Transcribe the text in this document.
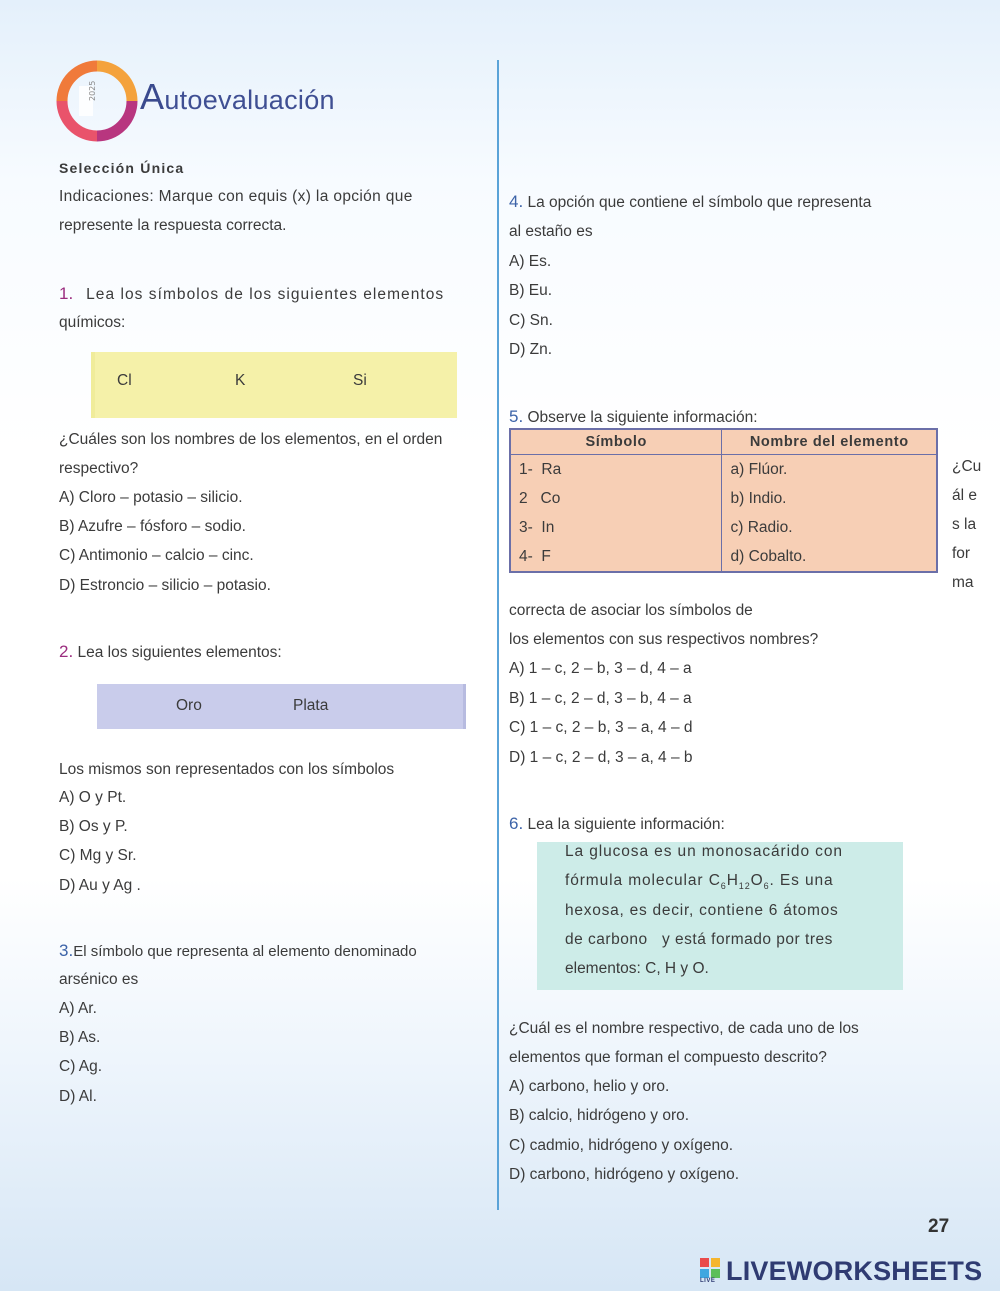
2025 Autoevaluación
Selección Única
Indicaciones: Marque con equis (x) la opción que
represente la respuesta correcta.
1. Lea los símbolos de los siguientes elementos
químicos:
Cl	K	Si
¿Cuáles son los nombres de los elementos, en el orden
respectivo?
A) Cloro – potasio – silicio.
B) Azufre – fósforo – sodio.
C) Antimonio – calcio – cinc.
D) Estroncio – silicio – potasio.
2. Lea los siguientes elementos:
Oro	Plata
Los mismos son representados con los símbolos
A) O y Pt.
B) Os y P.
C) Mg y Sr.
D) Au y Ag .
3.El símbolo que representa al elemento denominado
arsénico es
A) Ar.
B) As.
C) Ag.
D) Al.
4. La opción que contiene el símbolo que representa
al estaño es
A) Es.
B) Eu.
C) Sn.
D) Zn.
5. Observe la siguiente información:
Símbolo	Nombre del elemento
1-  Ra	a) Flúor.
2   Co	b) Indio.
3-  In	c) Radio.
4-  F	d) Cobalto.
¿Cu
ál e
s la
for
ma
correcta de asociar los símbolos de
los elementos con sus respectivos nombres?
A) 1 – c, 2 – b, 3 – d, 4 – a
B) 1 – c, 2 – d, 3 – b, 4 – a
C) 1 – c, 2 – b, 3 – a, 4 – d
D) 1 – c, 2 – d, 3 – a, 4 – b
6. Lea la siguiente información:
La glucosa es un monosacárido con
fórmula molecular $C_6H_{12}O_6$. Es una
hexosa, es decir, contiene 6 átomos
de carbono   y está formado por tres
elementos: C, H y O.
¿Cuál es el nombre respectivo, de cada uno de los
elementos que forman el compuesto descrito?
A) carbono, helio y oro.
B) calcio, hidrógeno y oro.
C) cadmio, hidrógeno y oxígeno.
D) carbono, hidrógeno y oxígeno.
27
LIVE LIVEWORKSHEETS
